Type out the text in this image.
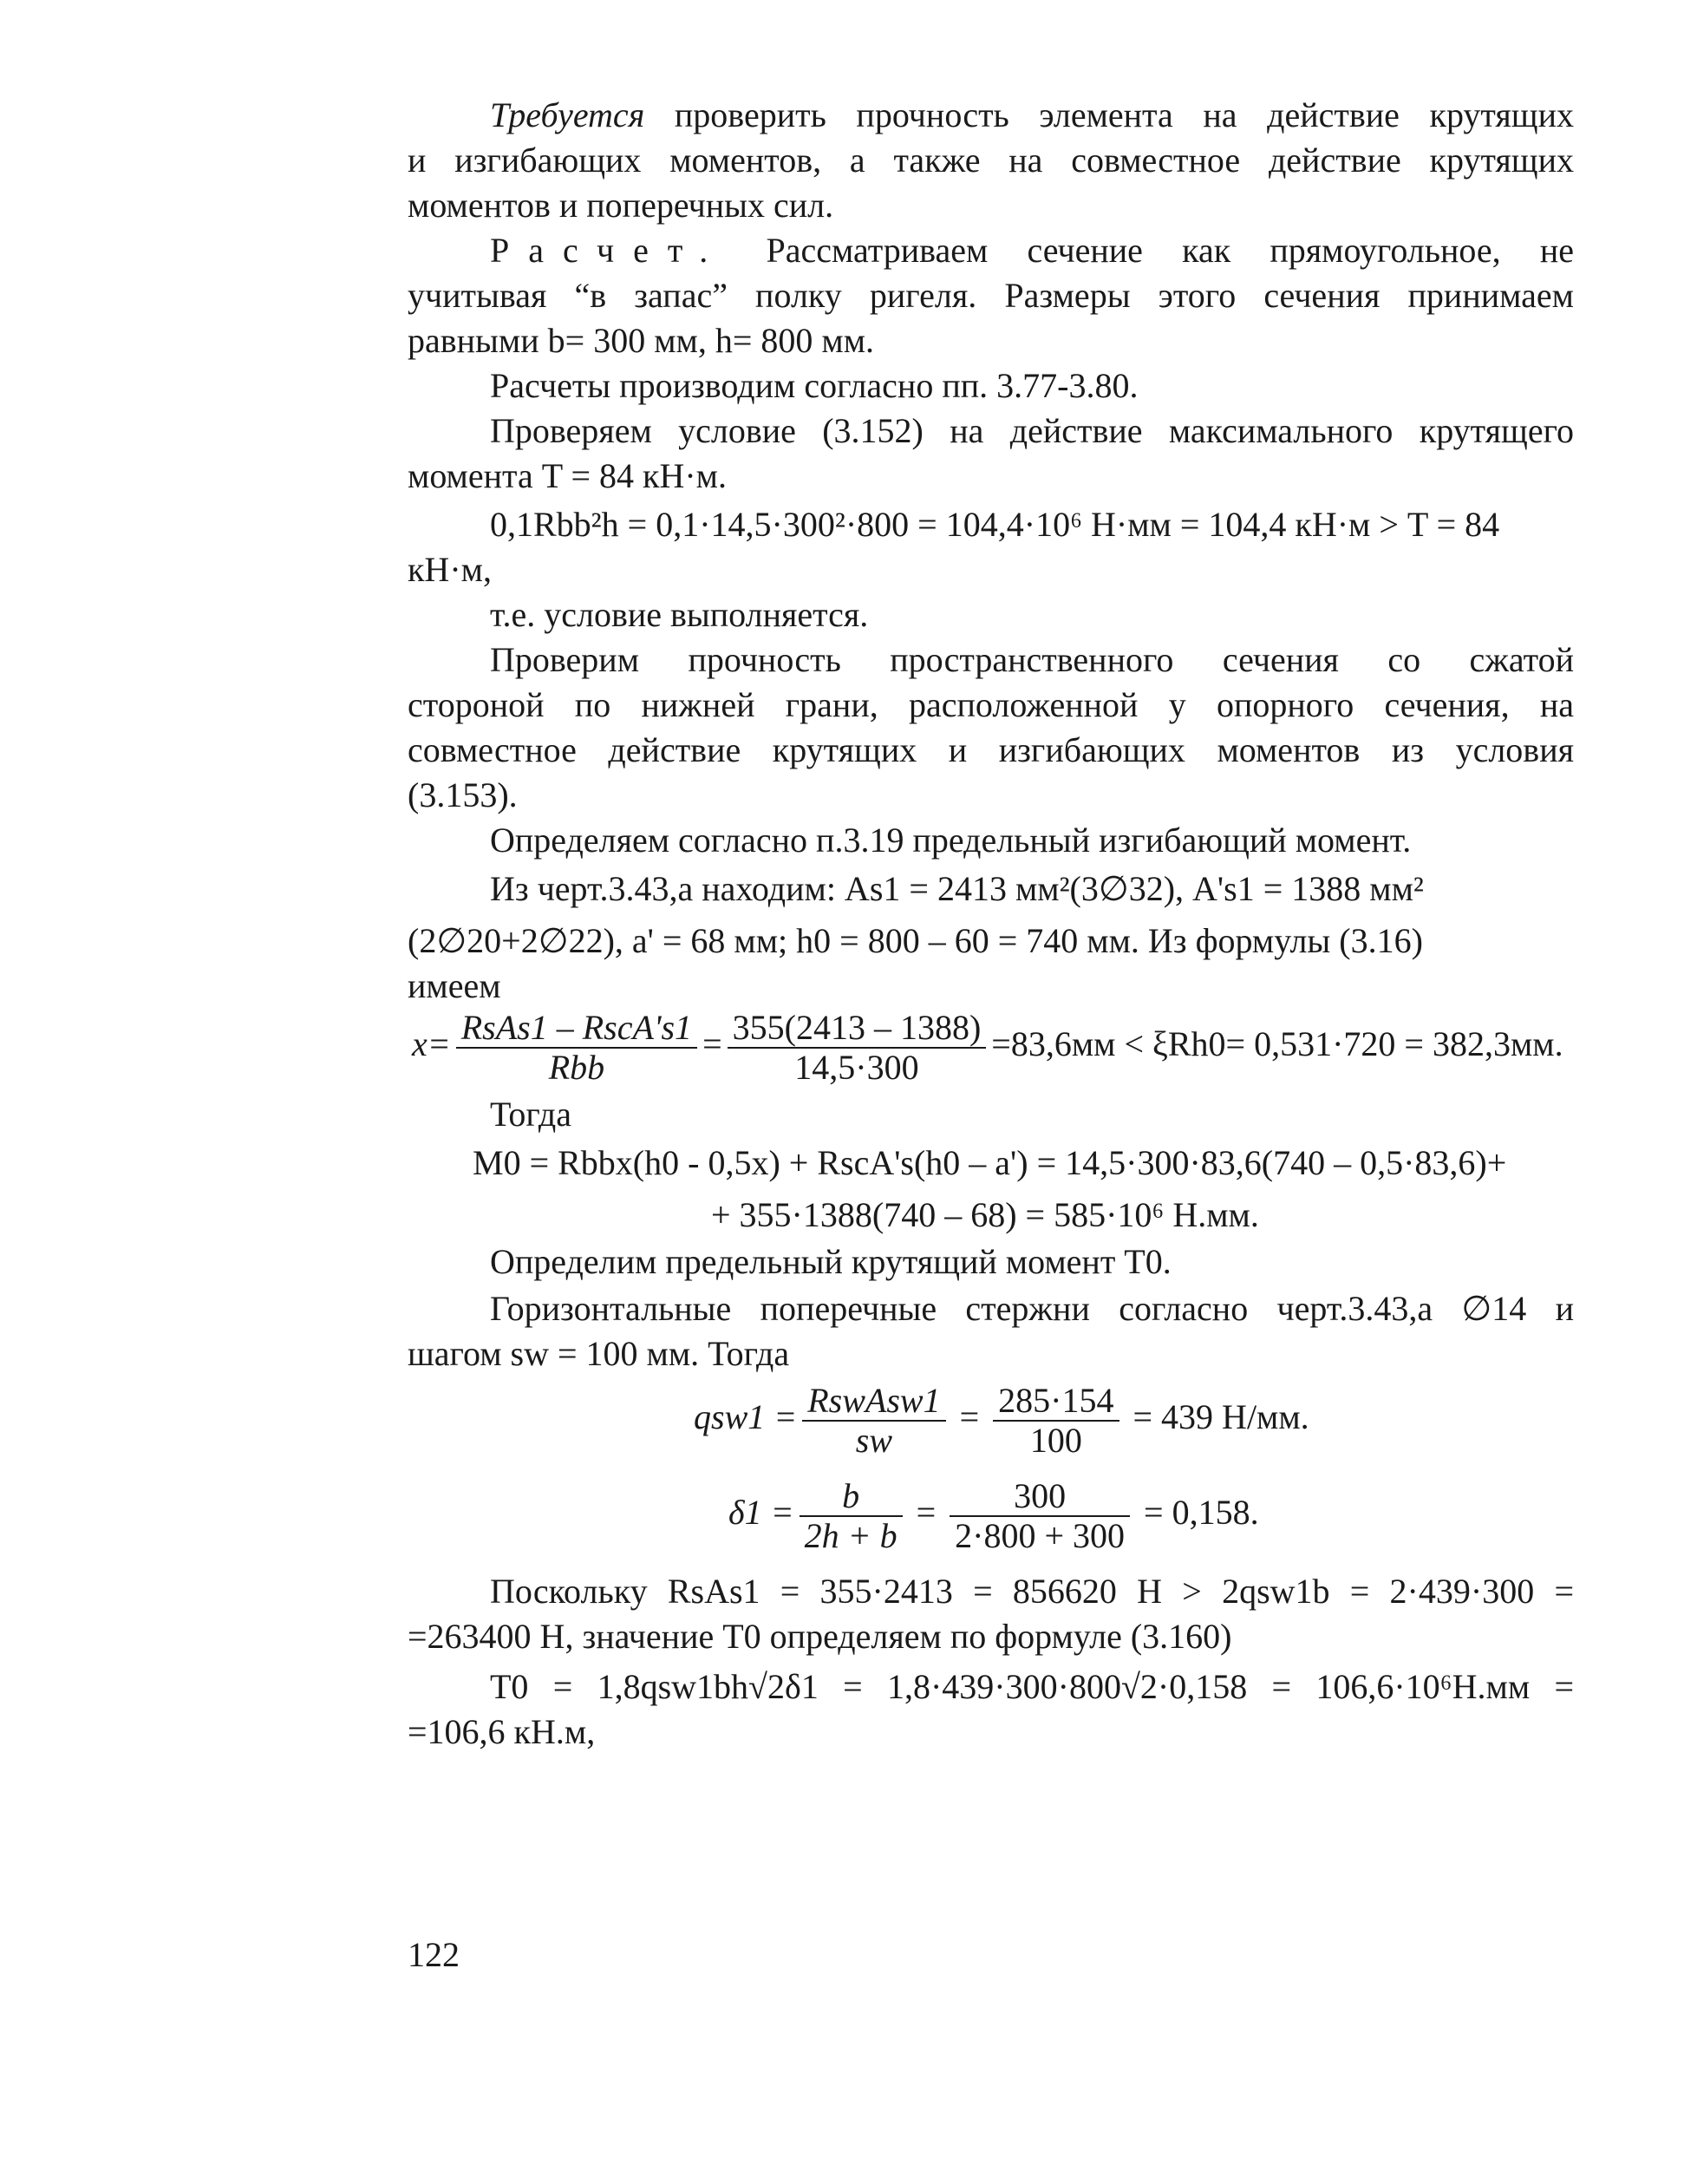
Требуется проверить прочность элемента на действие крутящих
и изгибающих моментов, а также на совместное действие крутящих
моментов и поперечных сил.
Расчет. Рассматриваем сечение как прямоугольное, не
учитывая “в запас” полку ригеля. Размеры этого сечения принимаем
равными b= 300 мм, h= 800 мм.
Расчеты производим согласно пп. 3.77-3.80.
Проверяем условие (3.152) на действие максимального крутящего
момента T = 84 кН·м.
0,1Rbb²h = 0,1·14,5·300²·800 = 104,4·10⁶ Н·мм = 104,4 кН·м > T = 84
кН·м,
т.е. условие выполняется.
Проверим прочность пространственного сечения со сжатой
стороной по нижней грани, расположенной у опорного сечения, на
совместное действие крутящих и изгибающих моментов из условия
(3.153).
Определяем согласно п.3.19 предельный изгибающий момент.
Из черт.3.43,а находим: As1 = 2413 мм²(3∅32), A's1 = 1388 мм²
(2∅20+2∅22), a' = 68 мм; h0 = 800 – 60 = 740 мм. Из формулы (3.16)
имеем
$x= \frac{\text{RsAs1 – RscA's1}}{\text{Rbb}} = \frac{355(2413 - 1388)}{14,5\cdot 300} =83,6мм < \xi Rh0= 0,531\cdot 720 = 382,3мм$.
Тогда
M0 = Rbbx(h0 - 0,5x) + RscA's(h0 – a') = 14,5·300·83,6(740 – 0,5·83,6)+
+ 355·1388(740 – 68) = 585·10⁶ Н.мм.
Определим предельный крутящий момент T0.
Горизонтальные поперечные стержни согласно черт.3.43,а ∅14 и
шагом sw = 100 мм. Тогда
$qsw1 = \frac{\text{RswAsw1}}{sw} = \frac{285\cdot 154}{100} = 439$ Н/мм.
$\delta 1 = \frac{b}{2h + b} = \frac{300}{2\cdot 800 + 300} = 0,158$.
Поскольку RsAs1 = 355·2413 = 856620 Н > 2qsw1b = 2·439·300 =
=263400 Н, значение T0 определяем по формуле (3.160)
T0 = 1,8qsw1bh√2δ1 = 1,8·439·300·800√2·0,158 = 106,6·10⁶Н.мм =
=106,6 кН.м,
122
